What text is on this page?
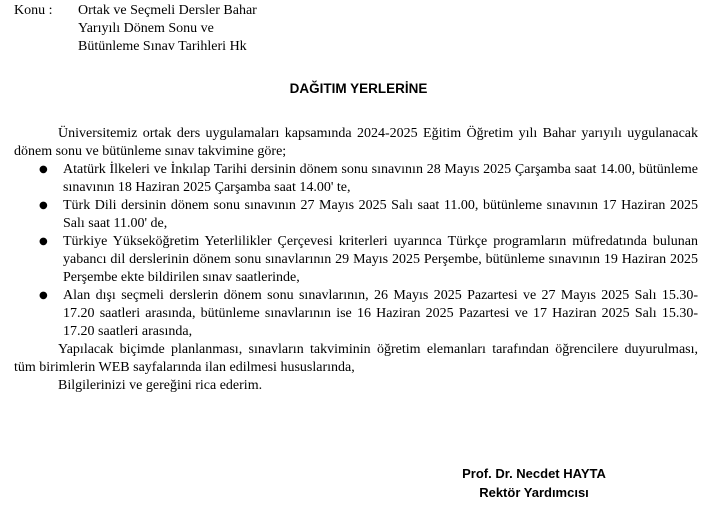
Konu : Ortak ve Seçmeli Dersler Bahar
Yarıyılı Dönem Sonu ve
Bütünleme Sınav Tarihleri Hk
DAĞITIM YERLERİNE

Üniversitemiz ortak ders uygulamaları kapsamında 2024-2025 Eğitim Öğretim yılı Bahar yarıyılı uygulanacak dönem sonu ve bütünleme sınav takvimine göre;

● Atatürk İlkeleri ve İnkılap Tarihi dersinin dönem sonu sınavının 28 Mayıs 2025 Çarşamba saat 14.00, bütünleme sınavının 18 Haziran 2025 Çarşamba saat 14.00' te,
● Türk Dili dersinin dönem sonu sınavının 27 Mayıs 2025 Salı saat 11.00, bütünleme sınavının 17 Haziran 2025 Salı saat 11.00' de,
● Türkiye Yükseköğretim Yeterlilikler Çerçevesi kriterleri uyarınca Türkçe programların müfredatında bulunan yabancı dil derslerinin dönem sonu sınavlarının 29 Mayıs 2025 Perşembe, bütünleme sınavının 19 Haziran 2025 Perşembe ekte bildirilen sınav saatlerinde,
● Alan dışı seçmeli derslerin dönem sonu sınavlarının, 26 Mayıs 2025 Pazartesi ve 27 Mayıs 2025 Salı 15.30-17.20 saatleri arasında, bütünleme sınavlarının ise 16 Haziran 2025 Pazartesi ve 17 Haziran 2025 Salı 15.30-17.20 saatleri arasında,

Yapılacak biçimde planlanması, sınavların takviminin öğretim elemanları tarafından öğrencilere duyurulması, tüm birimlerin WEB sayfalarında ilan edilmesi hususlarında,

Bilgilerinizi ve gereğini rica ederim.

Prof. Dr. Necdet HAYTA
Rektör Yardımcısı
